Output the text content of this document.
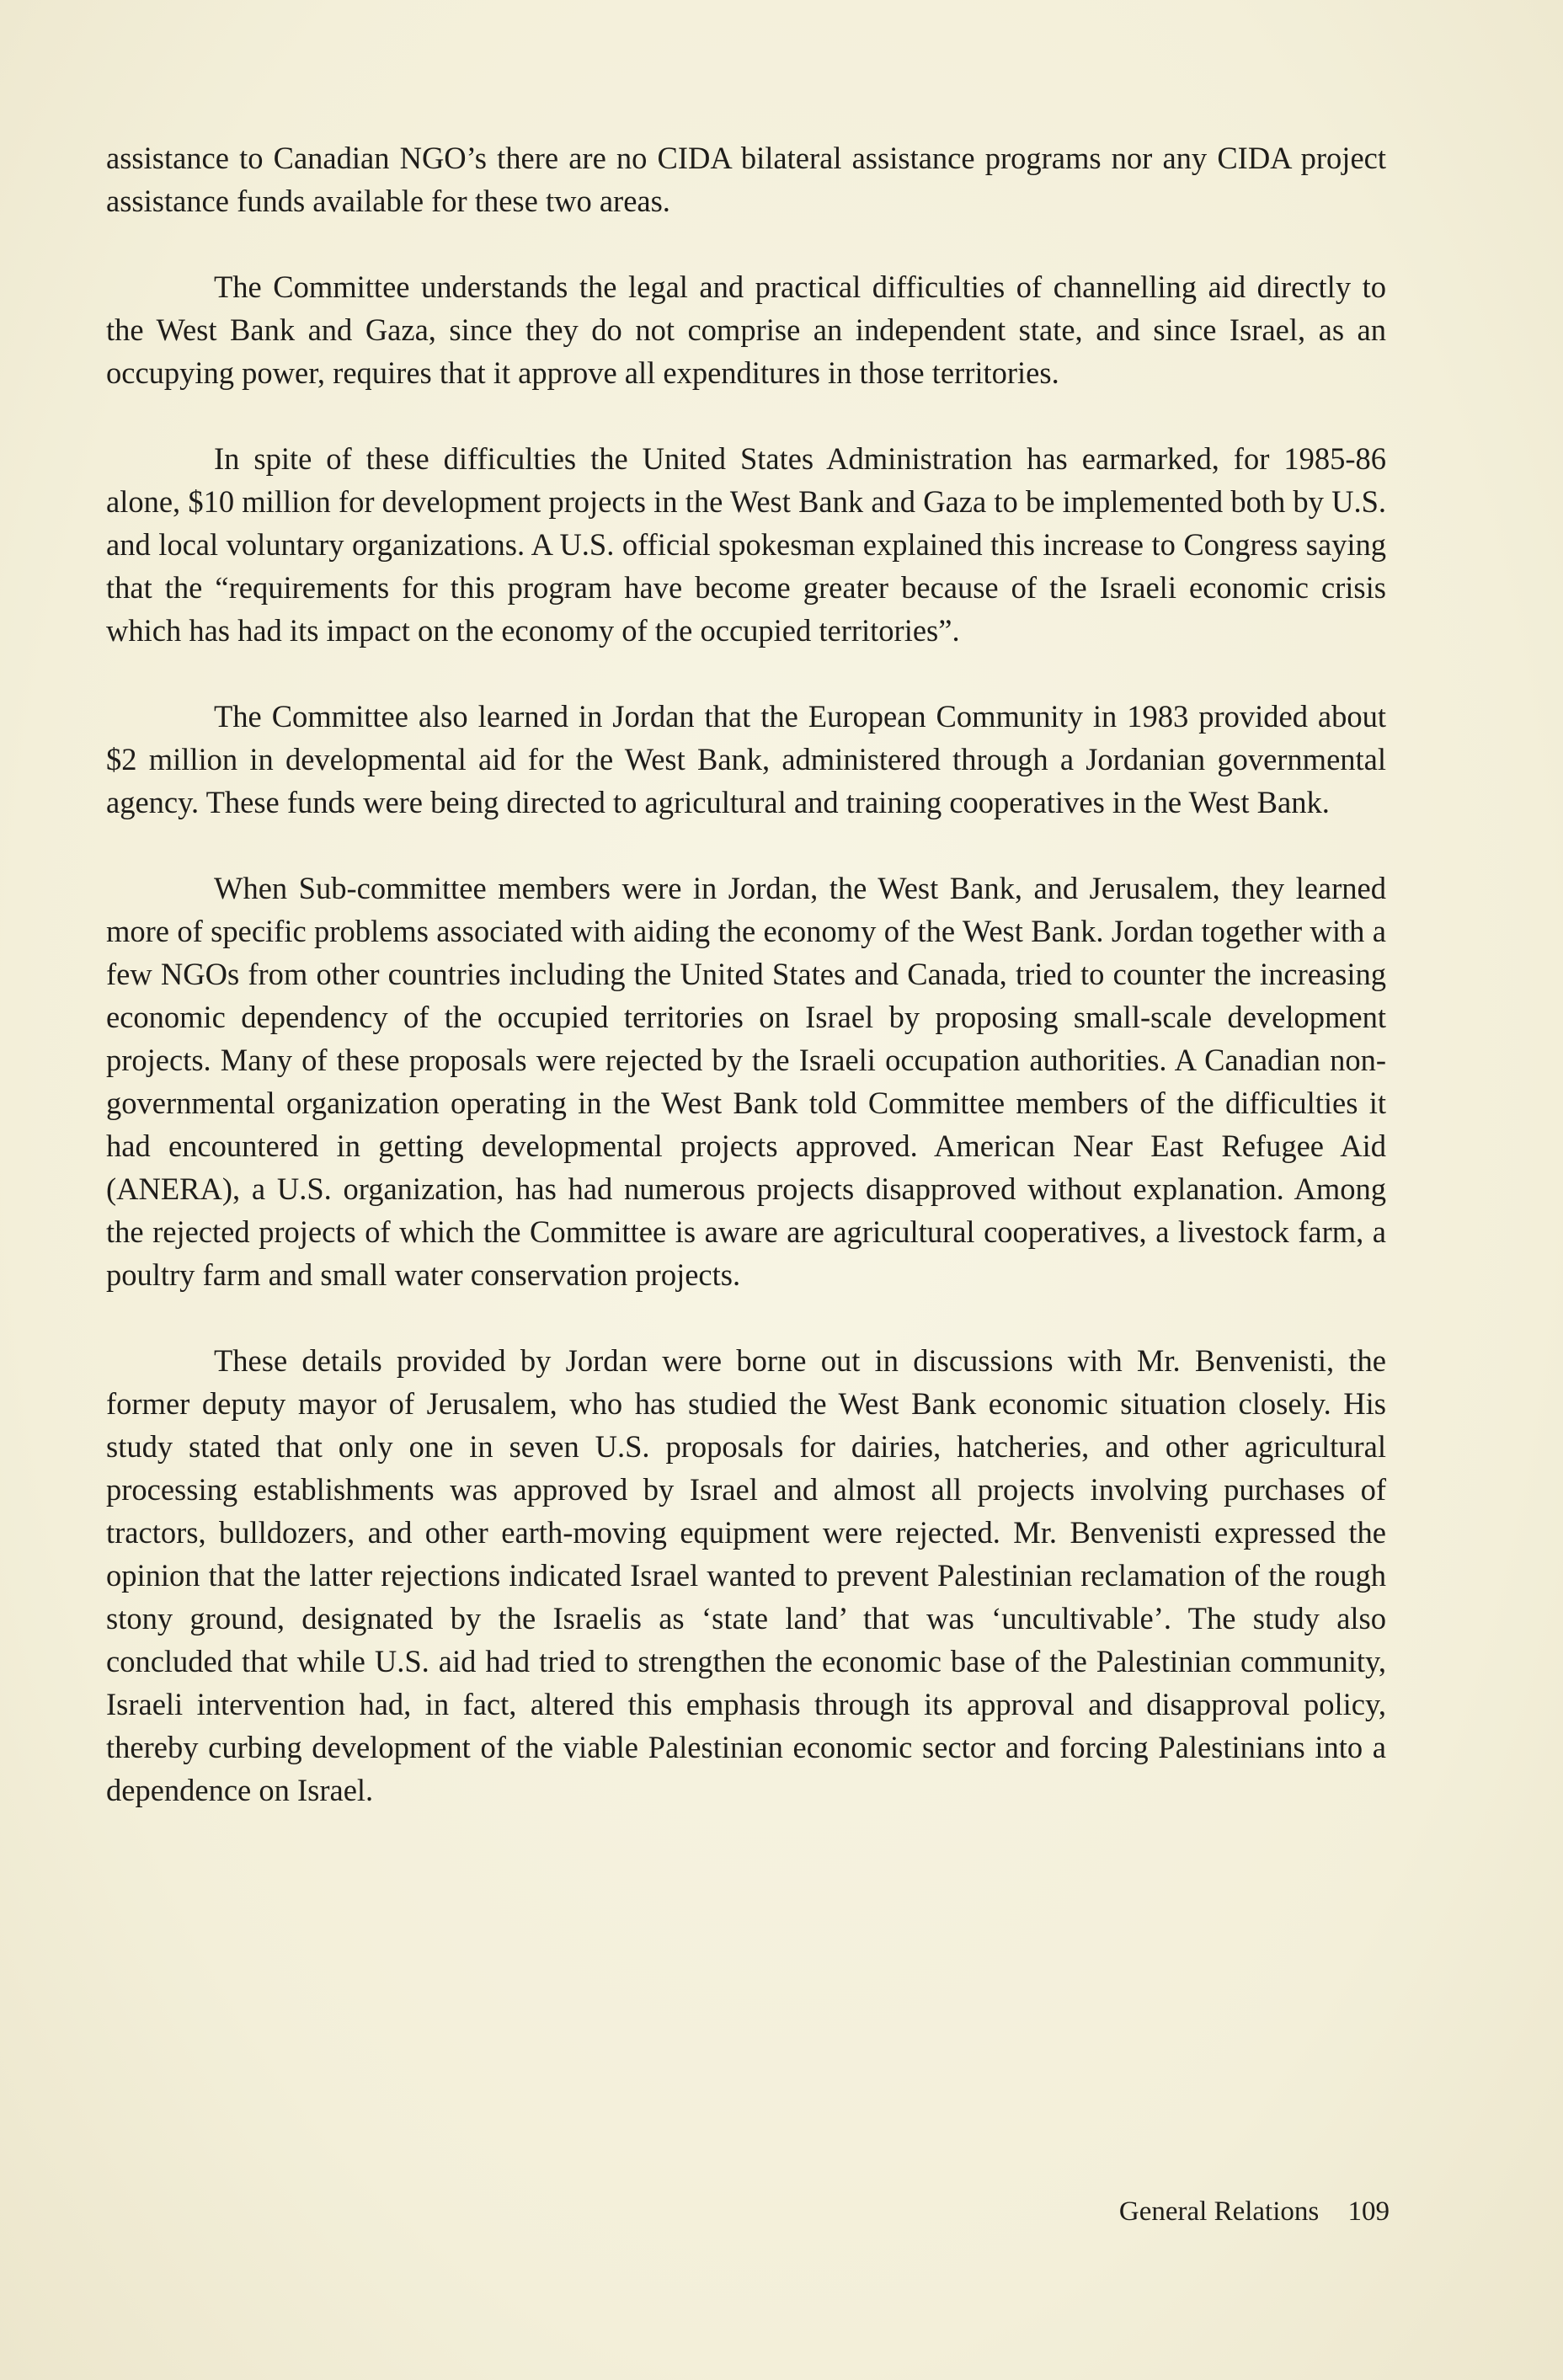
assistance to Canadian NGO’s there are no CIDA bilateral assistance programs nor any CIDA project assistance funds available for these two areas.

The Committee understands the legal and practical difficulties of channelling aid directly to the West Bank and Gaza, since they do not comprise an independent state, and since Israel, as an occupying power, requires that it approve all expenditures in those territories.

In spite of these difficulties the United States Administration has earmarked, for 1985-86 alone, $10 million for development projects in the West Bank and Gaza to be implemented both by U.S. and local voluntary organizations. A U.S. official spokesman explained this increase to Congress saying that the “requirements for this program have become greater because of the Israeli economic crisis which has had its impact on the economy of the occupied territories”.

The Committee also learned in Jordan that the European Community in 1983 provided about $2 million in developmental aid for the West Bank, administered through a Jordanian governmental agency. These funds were being directed to agricultural and training cooperatives in the West Bank.

When Sub-committee members were in Jordan, the West Bank, and Jerusalem, they learned more of specific problems associated with aiding the economy of the West Bank. Jordan together with a few NGOs from other countries including the United States and Canada, tried to counter the increasing economic dependency of the occupied territories on Israel by proposing small-scale development projects. Many of these proposals were rejected by the Israeli occupation authorities. A Canadian non-governmental organization operating in the West Bank told Committee members of the difficulties it had encountered in getting developmental projects approved. American Near East Refugee Aid (ANERA), a U.S. organization, has had numerous projects disapproved without explanation. Among the rejected projects of which the Committee is aware are agricultural cooperatives, a livestock farm, a poultry farm and small water conservation projects.

These details provided by Jordan were borne out in discussions with Mr. Benvenisti, the former deputy mayor of Jerusalem, who has studied the West Bank economic situation closely. His study stated that only one in seven U.S. proposals for dairies, hatcheries, and other agricultural processing establishments was approved by Israel and almost all projects involving purchases of tractors, bulldozers, and other earth-moving equipment were rejected. Mr. Benvenisti expressed the opinion that the latter rejections indicated Israel wanted to prevent Palestinian reclamation of the rough stony ground, designated by the Israelis as ‘state land’ that was ‘uncultivable’. The study also concluded that while U.S. aid had tried to strengthen the economic base of the Palestinian community, Israeli intervention had, in fact, altered this emphasis through its approval and disapproval policy, thereby curbing development of the viable Palestinian economic sector and forcing Palestinians into a dependence on Israel.

General Relations 109
